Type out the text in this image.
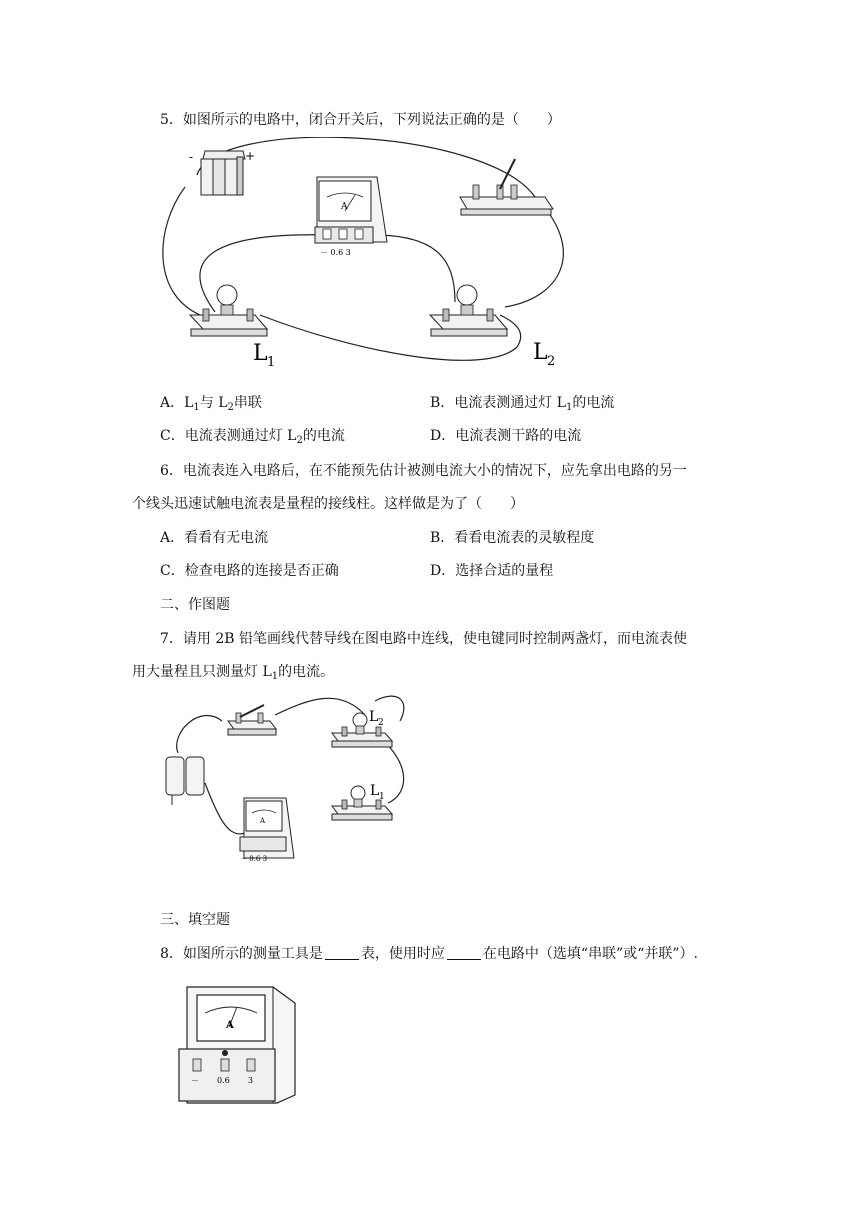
5．如图所示的电路中，闭合开关后，下列说法正确的是（　　）
-	+
A
－ 0.6 3
L 1	L 2
A．$L_1$与 $L_2$串联	B．电流表测通过灯 $L_1$的电流
C．电流表测通过灯 $L_2$的电流	D．电流表测干路的电流
6．电流表连入电路后，在不能预先估计被测电流大小的情况下，应先拿出电路的另一
个线头迅速试触电流表是量程的接线柱。这样做是为了（　　）
A．看看有无电流	B．看看电流表的灵敏程度
C．检查电路的连接是否正确	D．选择合适的量程
二、作图题
7．请用 2B 铅笔画线代替导线在图电路中连线，使电键同时控制两盏灯，而电流表使
用大量程且只测量灯 $L_1$的电流。
L 2
L 1
A
－ 0.6 3
三、填空题
8．如图所示的测量工具是	表，使用时应	在电路中（选填“串联”或“并联”）.
A
－ 0.6 3
